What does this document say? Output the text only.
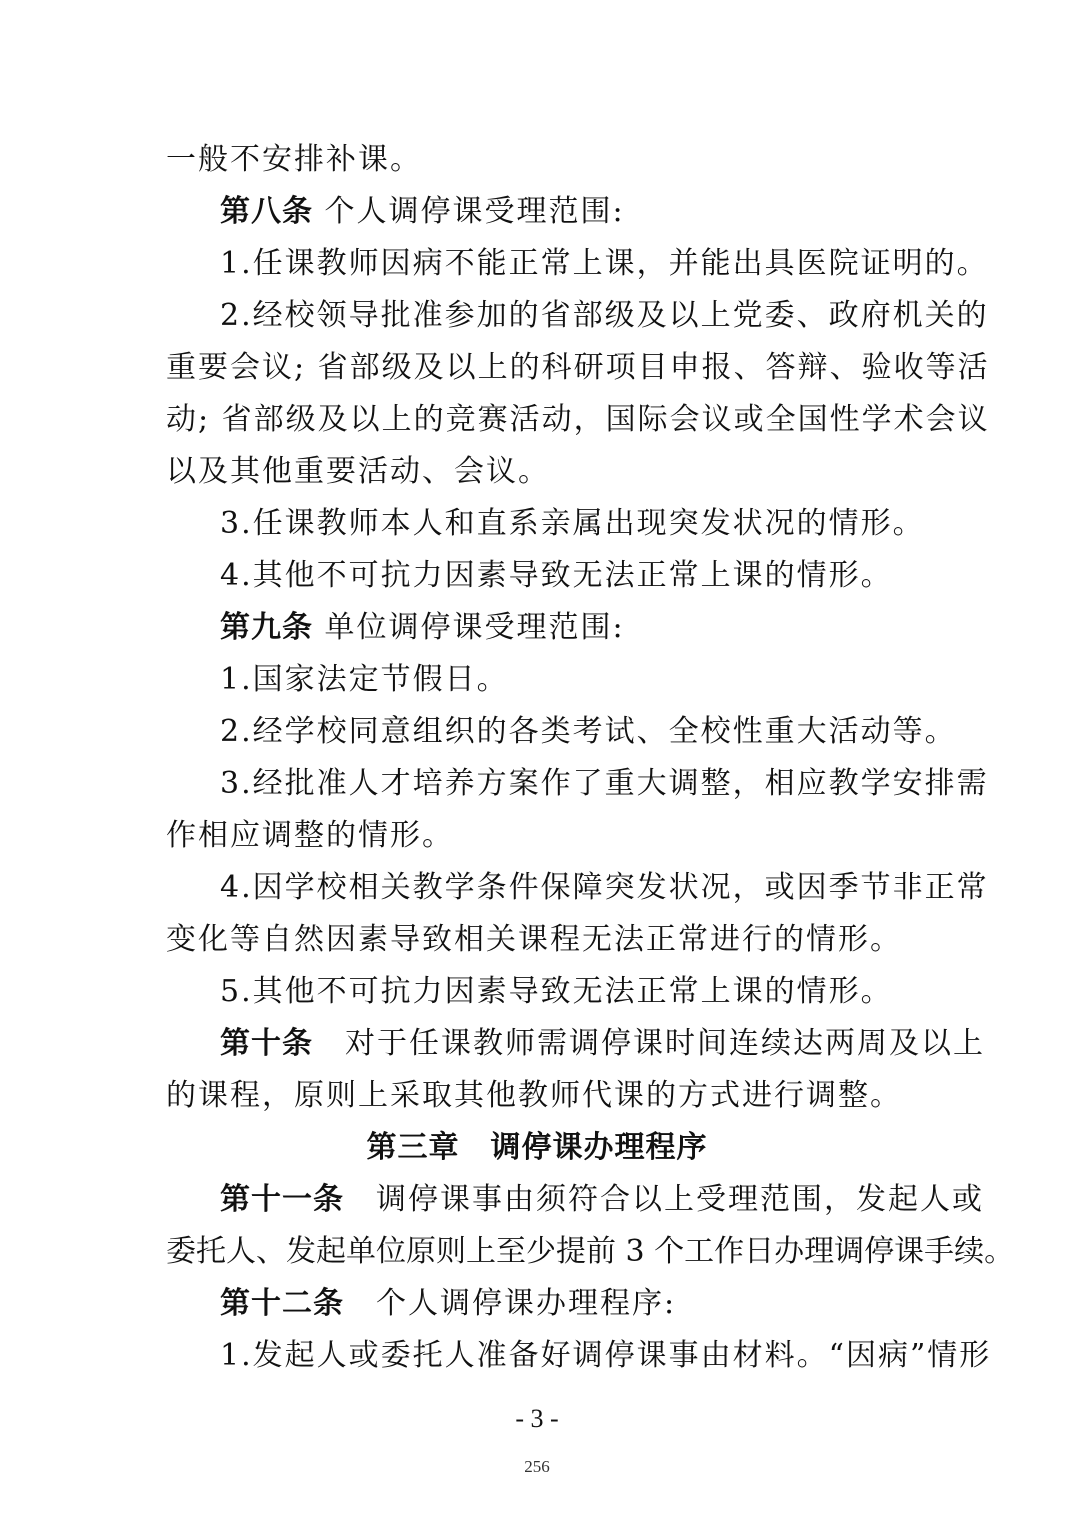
一般不安排补课。
第八条 个人调停课受理范围:
1.任课教师因病不能正常上课，并能出具医院证明的。
2.经校领导批准参加的省部级及以上党委、政府机关的
重要会议; 省部级及以上的科研项目申报、答辩、验收等活
动; 省部级及以上的竞赛活动，国际会议或全国性学术会议
以及其他重要活动、会议。
3.任课教师本人和直系亲属出现突发状况的情形。
4.其他不可抗力因素导致无法正常上课的情形。
第九条 单位调停课受理范围:
1.国家法定节假日。
2.经学校同意组织的各类考试、全校性重大活动等。
3.经批准人才培养方案作了重大调整，相应教学安排需
作相应调整的情形。
4.因学校相关教学条件保障突发状况，或因季节非正常
变化等自然因素导致相关课程无法正常进行的情形。
5.其他不可抗力因素导致无法正常上课的情形。
第十条　对于任课教师需调停课时间连续达两周及以上
的课程，原则上采取其他教师代课的方式进行调整。
第三章　调停课办理程序
第十一条　调停课事由须符合以上受理范围，发起人或
委托人、发起单位原则上至少提前 3 个工作日办理调停课手续。
第十二条　个人调停课办理程序:
1.发起人或委托人准备好调停课事由材料。“因病”情形
- 3 -
256
